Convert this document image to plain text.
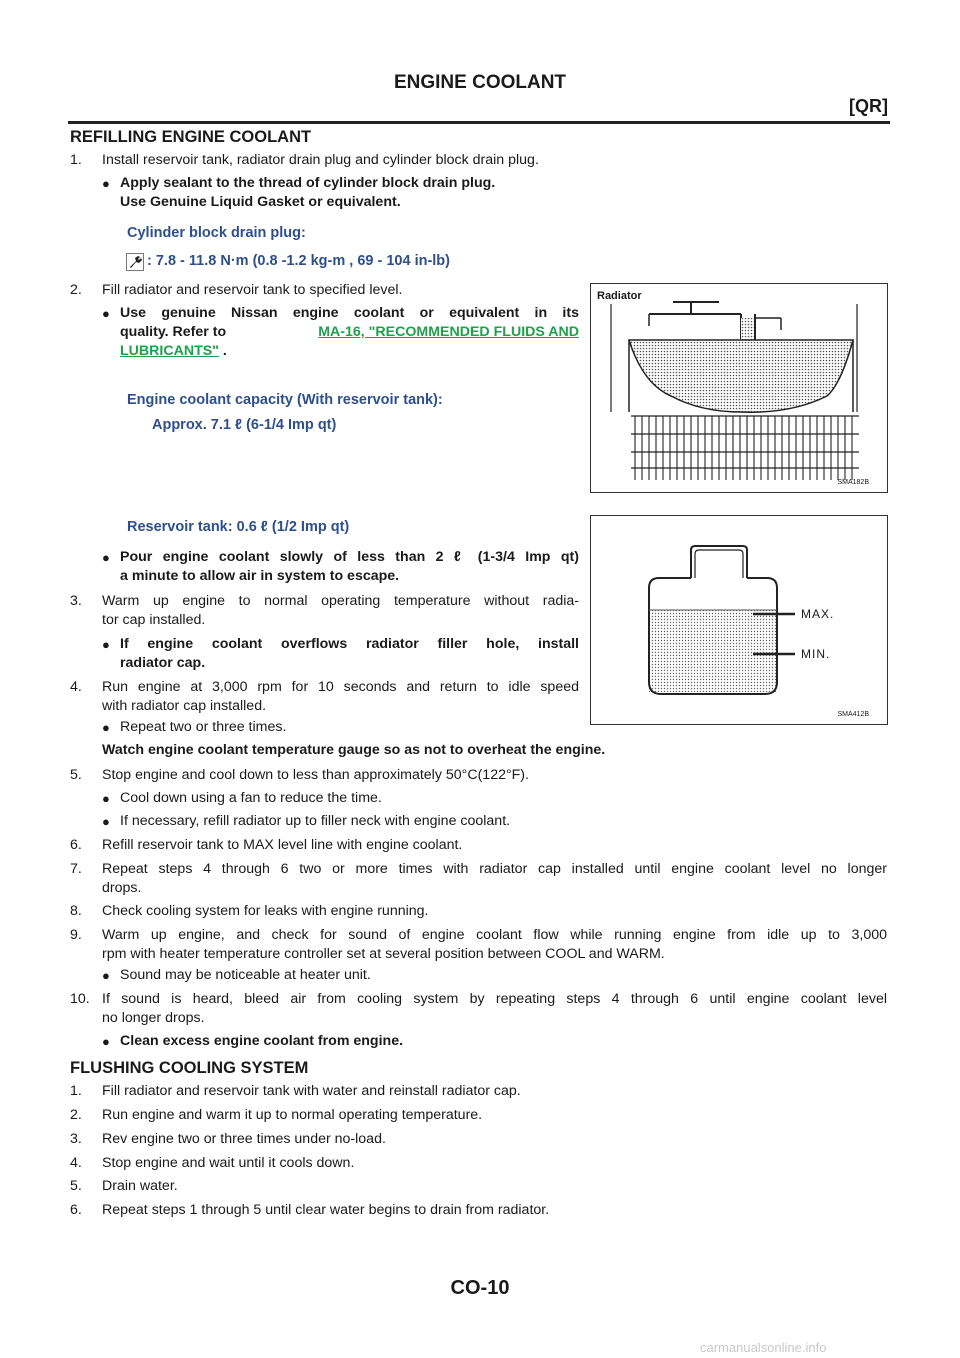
ENGINE COOLANT
[QR]
REFILLING ENGINE COOLANT
1. Install reservoir tank, radiator drain plug and cylinder block drain plug.
● Apply sealant to the thread of cylinder block drain plug.
Use Genuine Liquid Gasket or equivalent.
Cylinder block drain plug:
: 7.8 - 11.8 N·m (0.8 -1.2 kg-m , 69 - 104 in-lb)
2. Fill radiator and reservoir tank to specified level.
● Use genuine Nissan engine coolant or equivalent in its
quality. Refer to	MA-16, "RECOMMENDED FLUIDS AND
LUBRICANTS" .
Engine coolant capacity (With reservoir tank):
Approx. 7.1 ℓ (6-1/4 Imp qt)
Reservoir tank: 0.6 ℓ (1/2 Imp qt)
● Pour engine coolant slowly of less than 2 ℓ (1-3/4 Imp qt)
a minute to allow air in system to escape.
3. Warm up engine to normal operating temperature without radia-
tor cap installed.
● If engine coolant overflows radiator filler hole, install
radiator cap.
4. Run engine at 3,000 rpm for 10 seconds and return to idle speed
with radiator cap installed.
● Repeat two or three times.
Watch engine coolant temperature gauge so as not to overheat the engine.
5. Stop engine and cool down to less than approximately 50°C(122°F).
● Cool down using a fan to reduce the time.
● If necessary, refill radiator up to filler neck with engine coolant.
6. Refill reservoir tank to MAX level line with engine coolant.
7. Repeat steps 4 through 6 two or more times with radiator cap installed until engine coolant level no longer
drops.
8. Check cooling system for leaks with engine running.
9. Warm up engine, and check for sound of engine coolant flow while running engine from idle up to 3,000
rpm with heater temperature controller set at several position between COOL and WARM.
● Sound may be noticeable at heater unit.
10. If sound is heard, bleed air from cooling system by repeating steps 4 through 6 until engine coolant level
no longer drops.
● Clean excess engine coolant from engine.
FLUSHING COOLING SYSTEM
1. Fill radiator and reservoir tank with water and reinstall radiator cap.
2. Run engine and warm it up to normal operating temperature.
3. Rev engine two or three times under no-load.
4. Stop engine and wait until it cools down.
5. Drain water.
6. Repeat steps 1 through 5 until clear water begins to drain from radiator.
Radiator
SMA182B
MAX.
MIN.
SMA412B
CO-10
carmanualsonline.info
